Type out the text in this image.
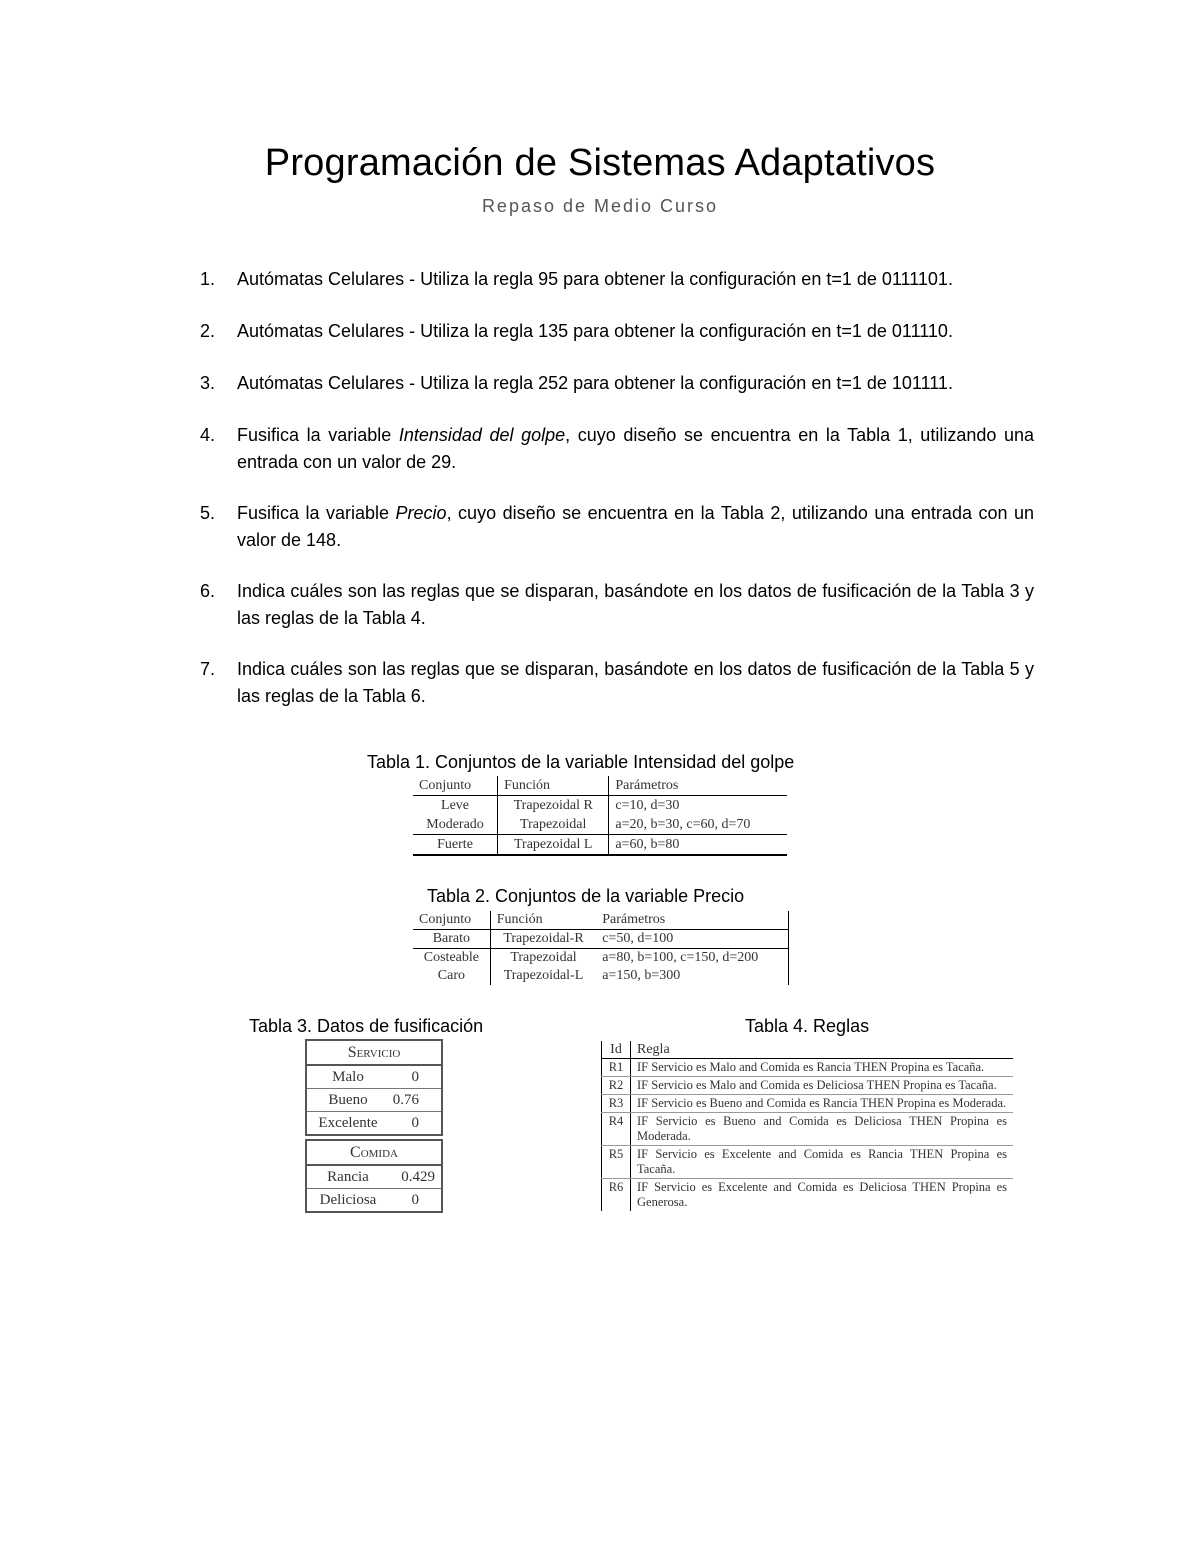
Programación de Sistemas Adaptativos
Repaso de Medio Curso
1.	Autómatas Celulares - Utiliza la regla 95 para obtener la configuración en t=1 de 0111101.
2.	Autómatas Celulares - Utiliza la regla 135 para obtener la configuración en t=1 de 011110.
3.	Autómatas Celulares - Utiliza la regla 252 para obtener la configuración en t=1 de 101111.
4.	Fusifica la variable Intensidad del golpe, cuyo diseño se encuentra en la Tabla 1, utilizando una entrada con un valor de 29.
5.	Fusifica la variable Precio, cuyo diseño se encuentra en la Tabla 2, utilizando una entrada con un valor de 148.
6.	Indica cuáles son las reglas que se disparan, basándote en los datos de fusificación de la Tabla 3 y las reglas de la Tabla 4.
7.	Indica cuáles son las reglas que se disparan, basándote en los datos de fusificación de la Tabla 5 y las reglas de la Tabla 6.
Tabla 1. Conjuntos de la variable Intensidad del golpe
Conjunto	Función	Parámetros
Leve	Trapezoidal R	c=10, d=30
Moderado	Trapezoidal	a=20, b=30, c=60, d=70
Fuerte	Trapezoidal L	a=60, b=80
Tabla 2. Conjuntos de la variable Precio
Conjunto	Función	Parámetros
Barato	Trapezoidal-R	c=50, d=100
Costeable	Trapezoidal	a=80, b=100, c=150, d=200
Caro	Trapezoidal-L	a=150, b=300
Tabla 3. Datos de fusificación
Servicio	
Malo	0
Bueno	0.76
Excelente	0
Comida	
Rancia	0.429
Deliciosa	0
Tabla 4. Reglas
Id	Regla
R1	IF Servicio es Malo and Comida es Rancia THEN Propina es Tacaña.
R2	IF Servicio es Malo and Comida es Deliciosa THEN Propina es Tacaña.
R3	IF Servicio es Bueno and Comida es Rancia THEN Propina es Moderada.
R4	IF Servicio es Bueno and Comida es Deliciosa THEN Propina es Moderada.
R5	IF Servicio es Excelente and Comida es Rancia THEN Propina es Tacaña.
R6	IF Servicio es Excelente and Comida es Deliciosa THEN Propina es Generosa.
